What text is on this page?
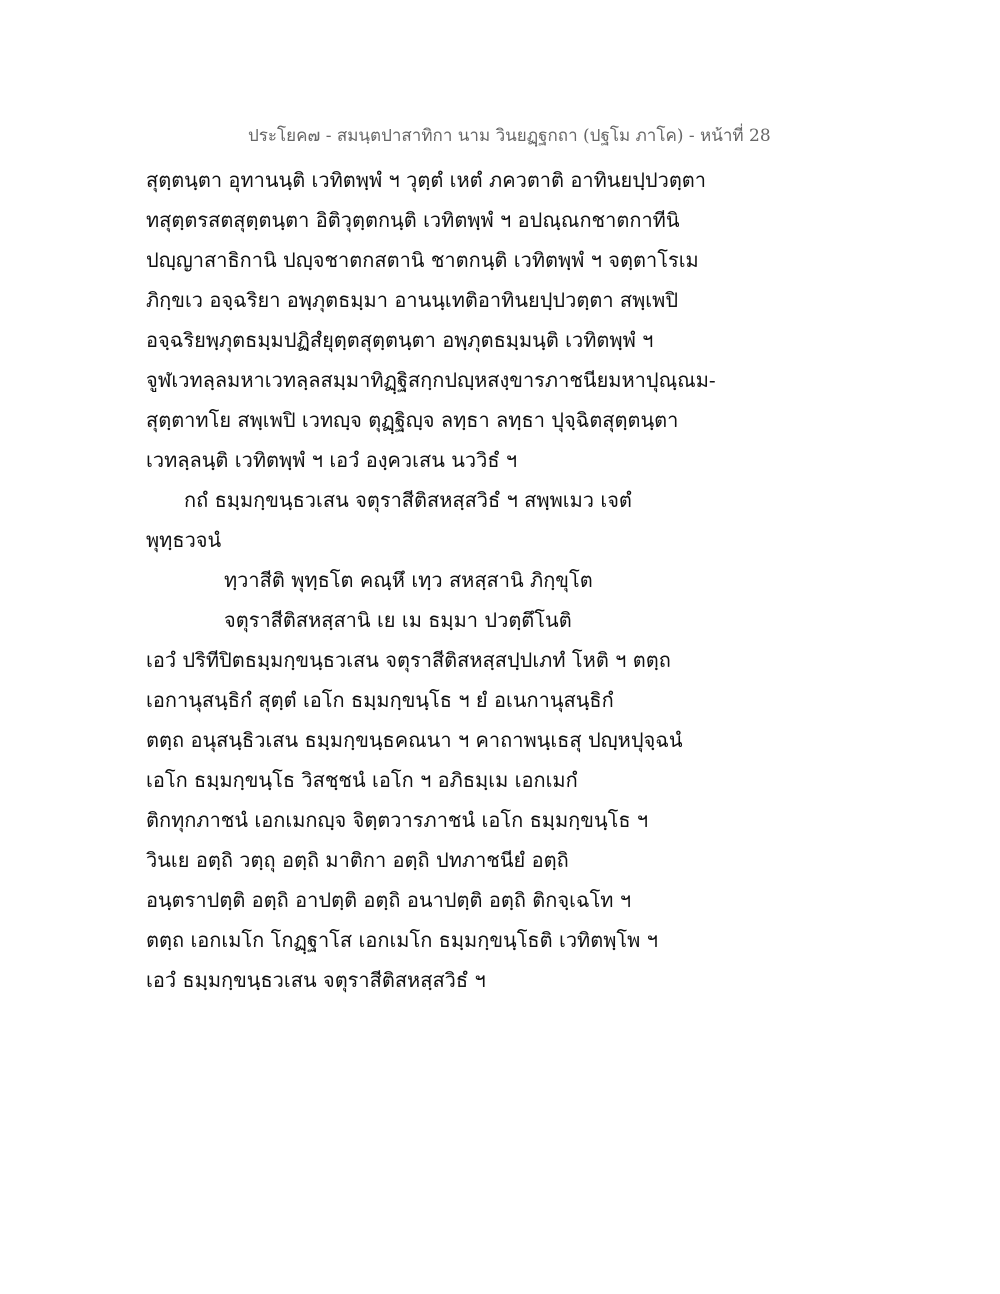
ประโยค๗ - สมนฺตปาสาทิกา นาม วินยฏฺฐกถา (ปฐโม ภาโค) - หน้าที่ 28
สุตฺตนฺตา อุทานนฺติ เวทิตพฺพํ ฯ วุตฺตํ เหตํ ภควตาติ อาทินยปฺปวตฺตา
ทสุตฺตรสตสุตฺตนฺตา อิติวุตฺตกนฺติ เวทิตพฺพํ ฯ อปณฺณกชาตกาทีนิ
ปญฺญาสาธิกานิ ปญฺจชาตกสตานิ ชาตกนฺติ เวทิตพฺพํ ฯ จตฺตาโรเม
ภิกฺขเว อจฺฉริยา อพฺภุตธมฺมา อานนฺเทติอาทินยปฺปวตฺตา สพฺเพปิ
อจฺฉริยพฺภุตธมฺมปฏิสํยุตฺตสุตฺตนฺตา อพฺภุตธมฺมนฺติ เวทิตพฺพํ ฯ
จูฬเวทลฺลมหาเวทลฺลสมฺมาทิฏฺฐิสกฺกปญฺหสงฺขารภาชนียมหาปุณฺณม-
สุตฺตาทโย สพฺเพปิ เวทญฺจ ตุฏฺฐิญฺจ ลทฺธา ลทฺธา ปุจฺฉิตสุตฺตนฺตา
เวทลฺลนฺติ เวทิตพฺพํ ฯ เอวํ องฺควเสน นววิธํ ฯ
กถํ ธมฺมกฺขนฺธวเสน จตุราสีติสหสฺสวิธํ ฯ สพฺพเมว เจตํ
พุทฺธวจนํ
ทฺวาสีติ พุทฺธโต คณฺหึ เทฺว สหสฺสานิ ภิกฺขุโต
จตุราสีติสหสฺสานิ เย เม ธมฺมา ปวตฺตึโนติ
เอวํ ปริทีปิตธมฺมกฺขนฺธวเสน จตุราสีติสหสฺสปฺปเภทํ โหติ ฯ ตตฺถ
เอกานุสนฺธิกํ สุตฺตํ เอโก ธมฺมกฺขนฺโธ ฯ ยํ อเนกานุสนฺธิกํ
ตตฺถ อนุสนฺธิวเสน ธมฺมกฺขนฺธคณนา ฯ คาถาพนฺเธสุ ปญฺหปุจฺฉนํ
เอโก ธมฺมกฺขนฺโธ วิสชฺชนํ เอโก ฯ อภิธมฺเม เอกเมกํ
ติกทุกภาชนํ เอกเมกญฺจ จิตฺตวารภาชนํ เอโก ธมฺมกฺขนฺโธ ฯ
วินเย อตฺถิ วตฺถุ อตฺถิ มาติกา อตฺถิ ปทภาชนียํ อตฺถิ
อนฺตราปตฺติ อตฺถิ อาปตฺติ อตฺถิ อนาปตฺติ อตฺถิ ติกจฺเฉโท ฯ
ตตฺถ เอกเมโก โกฏฺฐาโส เอกเมโก ธมฺมกฺขนฺโธติ เวทิตพฺโพ ฯ
เอวํ ธมฺมกฺขนฺธวเสน จตุราสีติสหสฺสวิธํ ฯ
